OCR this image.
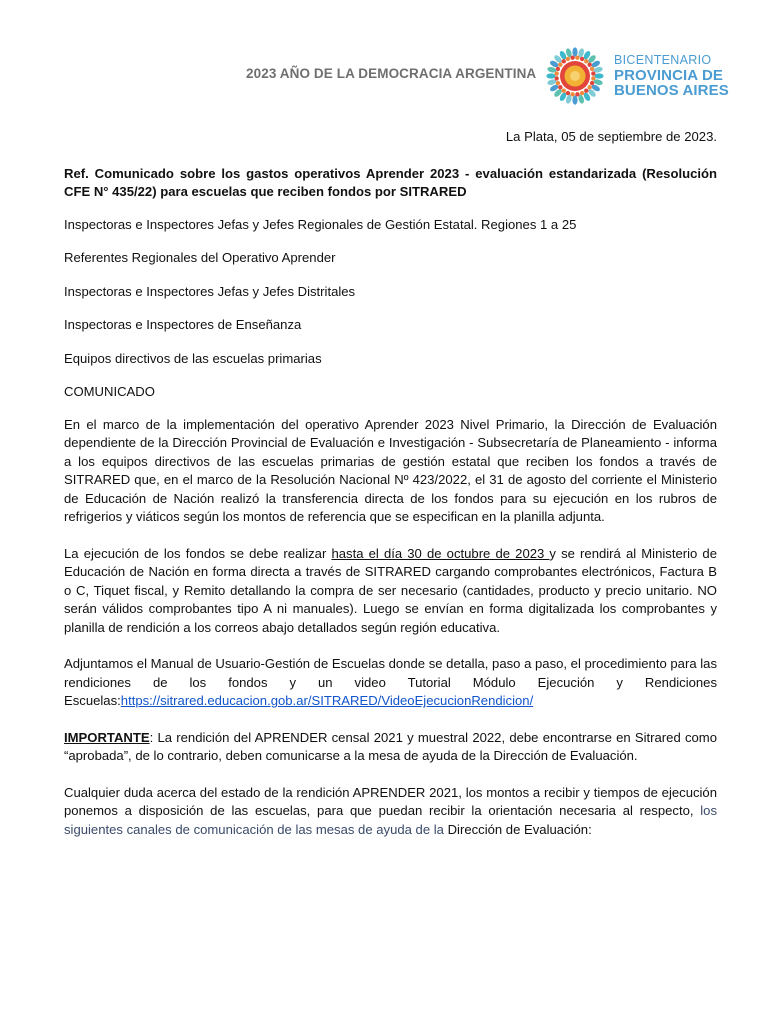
2023 AÑO DE LA DEMOCRACIA ARGENTINA
BICENTENARIO
PROVINCIA DE
BUENOS AIRES

La Plata, 05 de septiembre de 2023.

Ref. Comunicado sobre los gastos operativos Aprender 2023 - evaluación estandarizada (Resolución CFE N° 435/22) para escuelas que reciben fondos por SITRARED

Inspectoras e Inspectores Jefas y Jefes Regionales de Gestión Estatal. Regiones 1 a 25

Referentes Regionales del Operativo Aprender

Inspectoras e Inspectores Jefas y Jefes Distritales

Inspectoras e Inspectores de Enseñanza

Equipos directivos de las escuelas primarias

COMUNICADO

En el marco de la implementación del operativo Aprender 2023 Nivel Primario, la Dirección de Evaluación dependiente de la Dirección Provincial de Evaluación e Investigación - Subsecretaría de Planeamiento - informa a los equipos directivos de las escuelas primarias de gestión estatal que reciben los fondos a través de SITRARED que, en el marco de la Resolución Nacional Nº 423/2022, el 31 de agosto del corriente el Ministerio de Educación de Nación realizó la transferencia directa de los fondos para su ejecución en los rubros de refrigerios y viáticos según los montos de referencia que se especifican en la planilla adjunta.

La ejecución de los fondos se debe realizar hasta el día 30 de octubre de 2023 y se rendirá al Ministerio de Educación de Nación en forma directa a través de SITRARED cargando comprobantes electrónicos, Factura B o C, Tiquet fiscal, y Remito detallando la compra de ser necesario (cantidades, producto y precio unitario. NO serán válidos comprobantes tipo A ni manuales). Luego se envían en forma digitalizada los comprobantes y planilla de rendición a los correos abajo detallados según región educativa.

Adjuntamos el Manual de Usuario-Gestión de Escuelas donde se detalla, paso a paso, el procedimiento para las rendiciones de los fondos y un video Tutorial Módulo Ejecución y Rendiciones
Escuelas:https://sitrared.educacion.gob.ar/SITRARED/VideoEjecucionRendicion/

IMPORTANTE: La rendición del APRENDER censal 2021 y muestral 2022, debe encontrarse en Sitrared como “aprobada”, de lo contrario, deben comunicarse a la mesa de ayuda de la Dirección de Evaluación.

Cualquier duda acerca del estado de la rendición APRENDER 2021, los montos a recibir y tiempos de ejecución ponemos a disposición de las escuelas, para que puedan recibir la orientación necesaria al respecto, los siguientes canales de comunicación de las mesas de ayuda de la Dirección de Evaluación:
